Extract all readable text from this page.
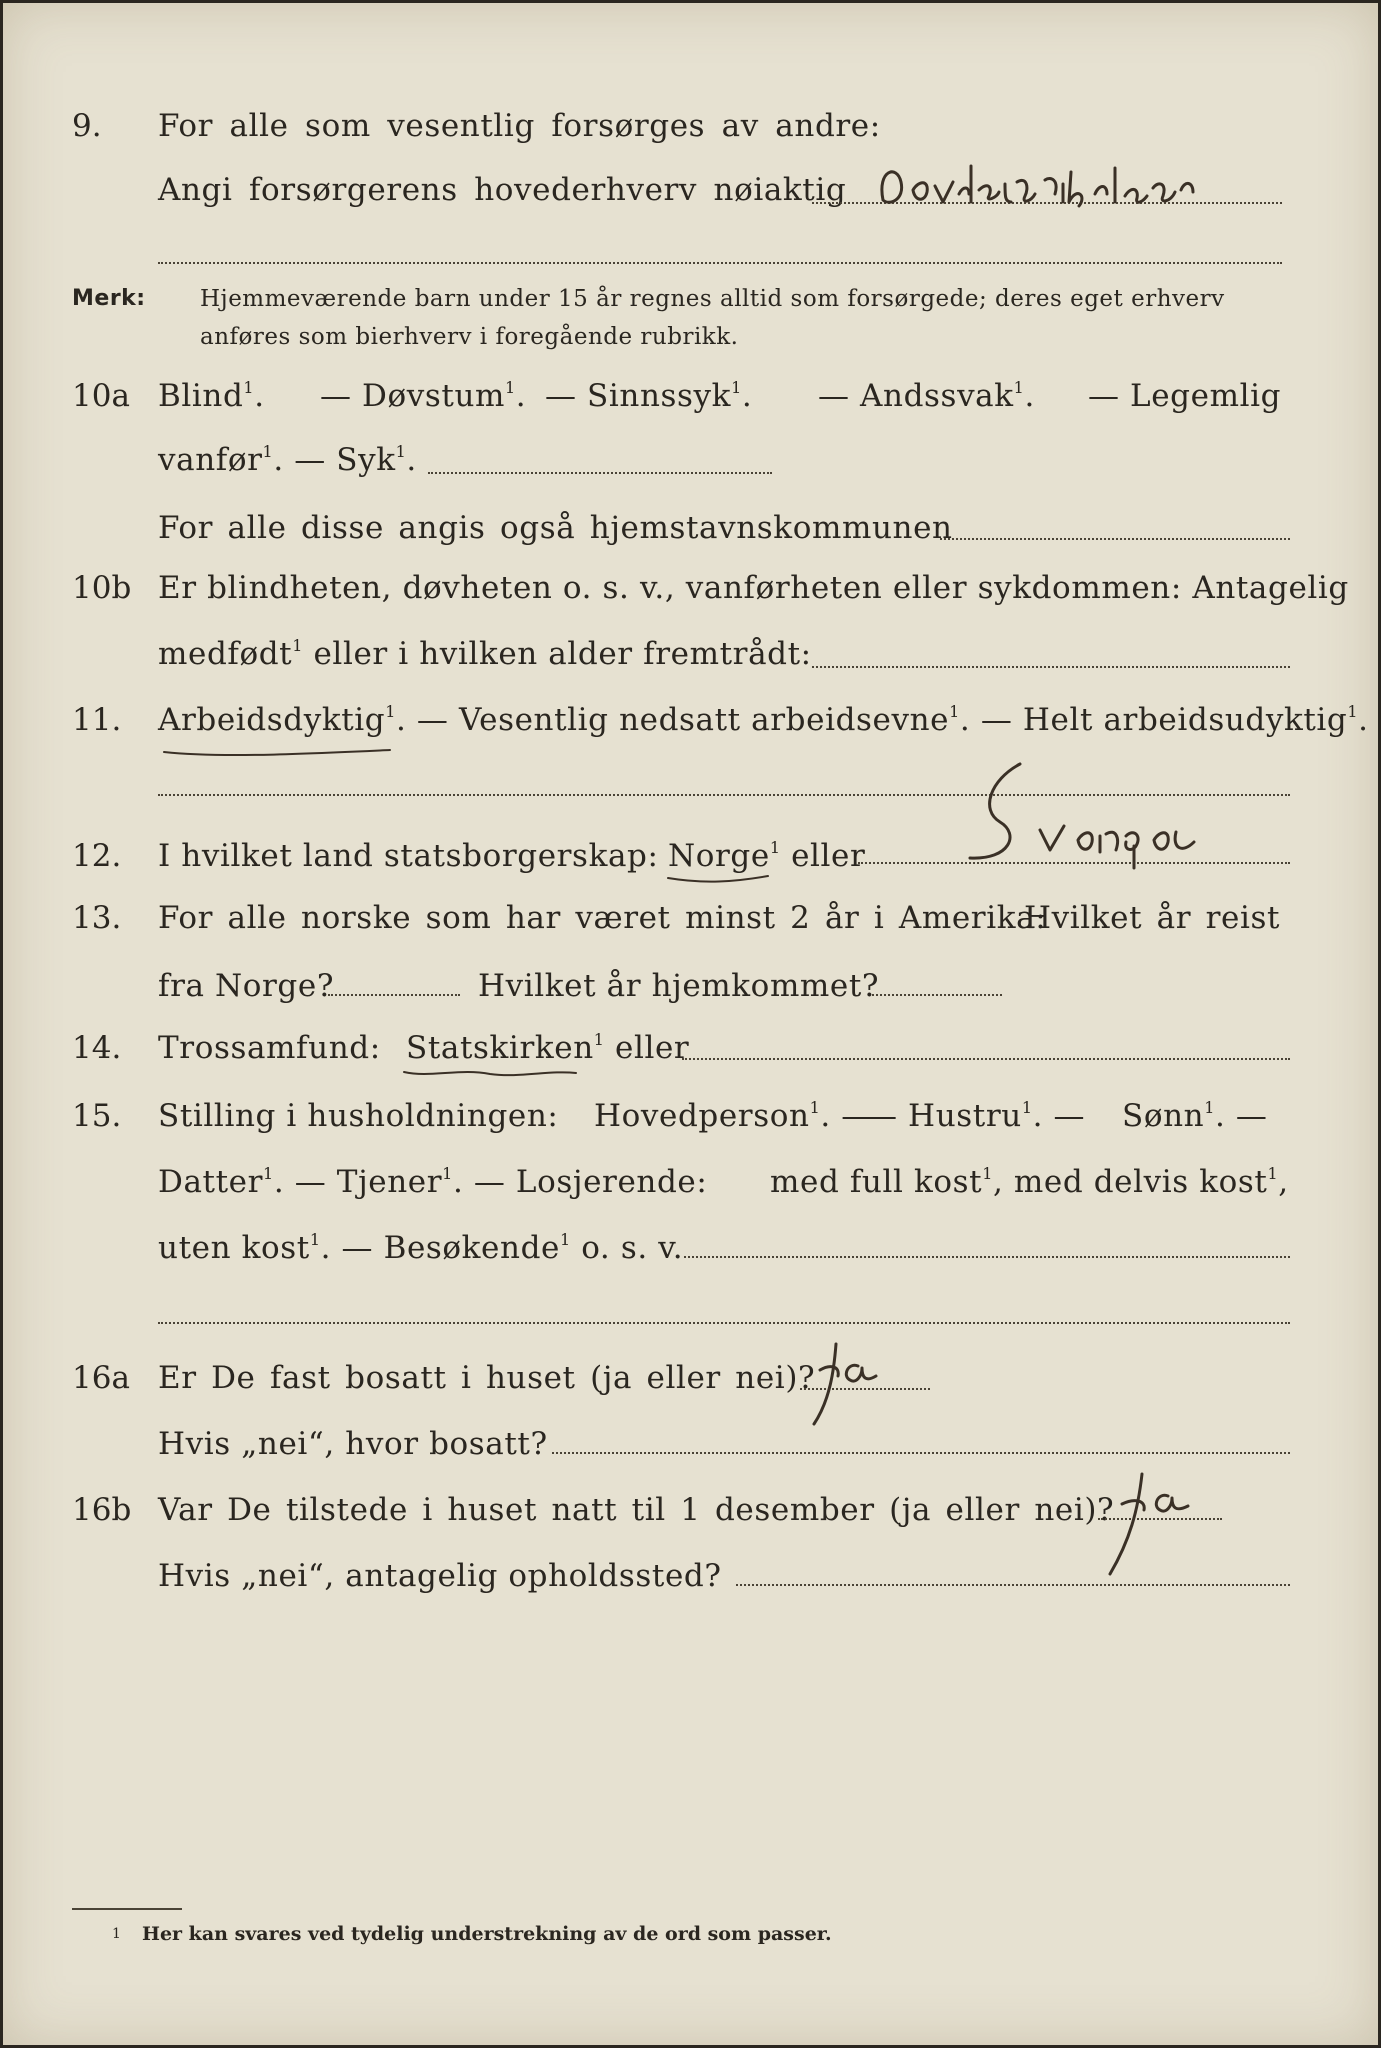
9. For alle som vesentlig forsørges av andre:
Angi forsørgerens hovederhverv nøiaktig
Merk: Hjemmeværende barn under 15 år regnes alltid som forsørgede; deres eget erhverv
anføres som bierhverv i foregående rubrikk.
10a Blind$^1$. — Døvstum$^1$. — Sinnssyk$^1$. — Andssvak$^1$. — Legemlig
vanfør$^1$. — Syk$^1$.
For alle disse angis også hjemstavnskommunen
10b Er blindheten, døvheten o. s. v., vanførheten eller sykdommen: Antagelig
medfødt$^1$ eller i hvilken alder fremtrådt:
11. Arbeidsdyktig$^1$. — Vesentlig nedsatt arbeidsevne$^1$. — Helt arbeidsudyktig$^1$.
12. I hvilket land statsborgerskap: Norge$^1$ eller
13. For alle norske som har været minst 2 år i Amerika:
Hvilket år reist
fra Norge?	Hvilket år hjemkommet?
14. Trossamfund: Statskirken$^1$ eller
15. Stilling i husholdningen: Hovedperson$^1$. —
— Hustru$^1$. — Sønn$^1$. —
Datter$^1$. — Tjener$^1$. — Losjerende: med full kost$^1$, med delvis kost$^1$,
uten kost$^1$. — Besøkende$^1$ o. s. v.
16a Er De fast bosatt i huset (ja eller nei)?
Hvis „nei“, hvor bosatt?
16b Var De tilstede i huset natt til 1 desember (ja eller nei)?
Hvis „nei“, antagelig opholdssted?
1 Her kan svares ved tydelig understrekning av de ord som passer.
